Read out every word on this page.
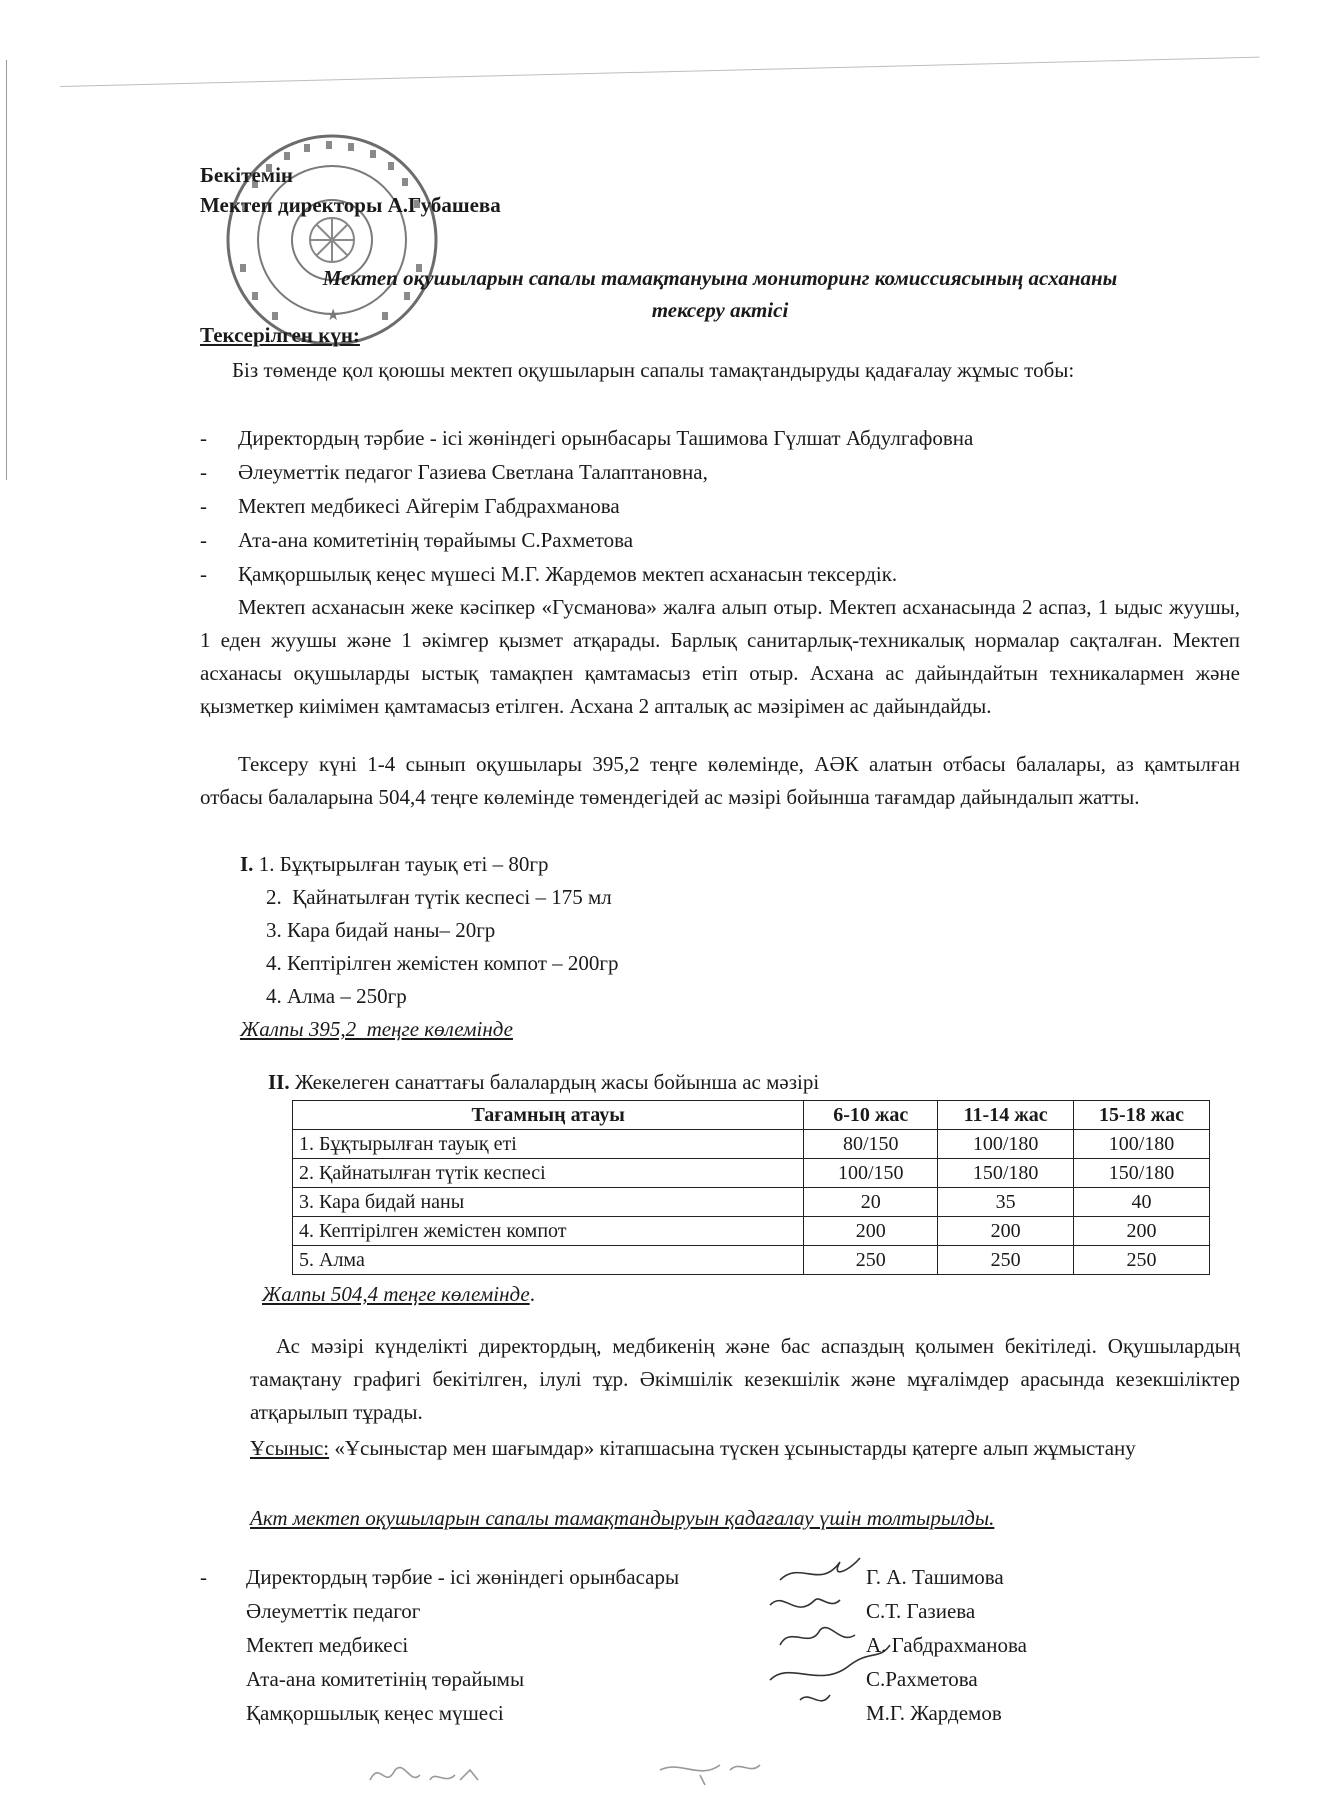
★
Бекітемін
Мектеп директоры А.Губашева
Мектеп оқушыларын сапалы тамақтануына мониторинг комиссиясының асхананы
тексеру актісі
Тексерілген күн:
Біз төменде қол қоюшы мектеп оқушыларын сапалы тамақтандыруды қадағалау жұмыс тобы:
-	Директордың тәрбие - ісі жөніндегі орынбасары Ташимова Гүлшат Абдулгафовна
-	Әлеуметтік педагог Газиева Светлана Талаптановна,
-	Мектеп медбикесі Айгерім Габдрахманова
-	Ата-ана комитетінің төрайымы С.Рахметова
-	Қамқоршылық кеңес мүшесі М.Г. Жардемов мектеп асханасын тексердік.
Мектеп асханасын жеке кәсіпкер «Гусманова» жалға алып отыр. Мектеп асханасында 2 аспаз, 1 ыдыс жуушы, 1 еден жуушы және 1 әкімгер қызмет атқарады. Барлық санитарлық-техникалық нормалар сақталған. Мектеп асханасы оқушыларды ыстық тамақпен қамтамасыз етіп отыр. Асхана ас дайындайтын техникалармен және қызметкер киімімен қамтамасыз етілген. Асхана 2 апталық ас мәзірімен ас дайындайды.
Тексеру күні 1-4 сынып оқушылары 395,2 теңге көлемінде, АӘК алатын отбасы балалары, аз қамтылған отбасы балаларына 504,4 теңге көлемінде төмендегідей ас мәзірі бойынша тағамдар дайындалып жатты.
I. 1. Бұқтырылған тауық еті – 80гр
2.  Қайнатылған түтік кеспесі – 175 мл
3. Кара бидай наны– 20гр
4. Кептірілген жемістен компот – 200гр
4. Алма – 250гр
Жалпы 395,2  теңге көлемінде
II. Жекелеген санаттағы балалардың жасы бойынша ас мәзірі
Тағамның атауы	6-10 жас	11-14 жас	15-18 жас
1. Бұқтырылған тауық еті	80/150	100/180	100/180
2. Қайнатылған түтік кеспесі	100/150	150/180	150/180
3. Кара бидай наны	20	35	40
4. Кептірілген жемістен компот	200	200	200
5. Алма	250	250	250
Жалпы 504,4 теңге көлемінде.
Ас мәзірі күнделікті директордың, медбикенің және бас аспаздың қолымен бекітіледі. Оқушылардың тамақтану графигі бекітілген, ілулі тұр. Әкімшілік кезекшілік және мұғалімдер арасында кезекшіліктер атқарылып тұрады.
Ұсыныс: «Ұсыныстар мен шағымдар» кітапшасына түскен ұсыныстарды қатерге алып жұмыстану
Акт мектеп оқушыларын сапалы тамақтандыруын қадағалау үшін толтырылды.
-	Директордың тәрбие - ісі жөніндегі орынбасары	Г. А. Ташимова
Әлеуметтік педагог	С.Т. Газиева
Мектеп медбикесі	А. Габдрахманова
Ата-ана комитетінің төрайымы	С.Рахметова
Қамқоршылық кеңес мүшесі	М.Г. Жардемов
